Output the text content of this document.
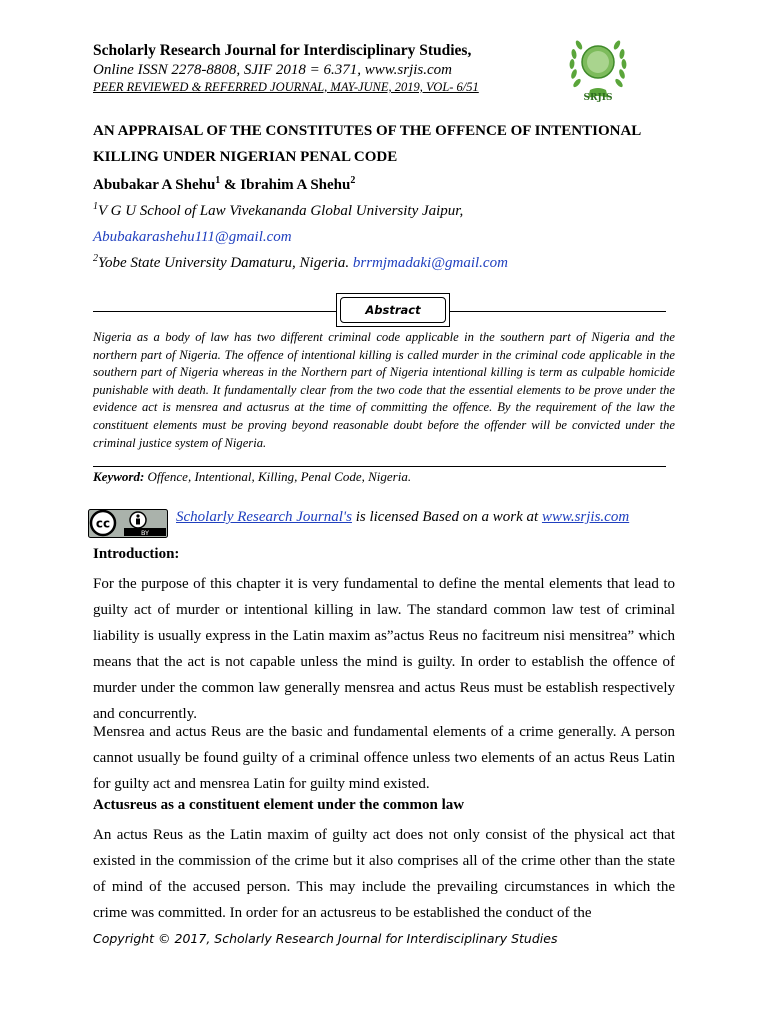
Scholarly Research Journal for Interdisciplinary Studies,
Online ISSN 2278-8808, SJIF 2018 = 6.371, www.srjis.com
PEER REVIEWED & REFERRED JOURNAL, MAY-JUNE, 2019, VOL- 6/51
SRJIS
AN APPRAISAL OF THE CONSTITUTES OF THE OFFENCE OF INTENTIONAL KILLING UNDER NIGERIAN PENAL CODE
Abubakar A Shehu$^1$ & Ibrahim A Shehu$^2$
$^1$V G U School of Law Vivekananda Global University Jaipur,
Abubakarashehu111@gmail.com
$^2$Yobe State University Damaturu, Nigeria. brrmjmadaki@gmail.com
Abstract
Nigeria as a body of law has two different criminal code applicable in the southern part of Nigeria and the northern part of Nigeria. The offence of intentional killing is called murder in the criminal code applicable in the southern part of Nigeria whereas in the Northern part of Nigeria intentional killing is term as culpable homicide punishable with death. It fundamentally clear from the two code that the essential elements to be prove under the evidence act is mensrea and actusrus at the time of committing the offence. By the requirement of the law the constituent elements must be proving beyond reasonable doubt before the offender will be convicted under the criminal justice system of Nigeria.
Keyword: Offence, Intentional, Killing, Penal Code, Nigeria.
cc
BY
Scholarly Research Journal's is licensed Based on a work at www.srjis.com
Introduction:
For the purpose of this chapter it is very fundamental to define the mental elements that lead to guilty act of murder or intentional killing in law. The standard common law test of criminal liability is usually express in the Latin maxim as”actus Reus no facitreum nisi mensitrea” which means that the act is not capable unless the mind is guilty. In order to establish the offence of murder under the common law generally mensrea and actus Reus must be establish respectively and concurrently.
Mensrea and actus Reus are the basic and fundamental elements of a crime generally. A person cannot usually be found guilty of a criminal offence unless two elements of an actus Reus Latin for guilty act and mensrea Latin for guilty mind existed.
Actusreus as a constituent element under the common law
An actus Reus as the Latin maxim of guilty act does not only consist of the physical act that existed in the commission of the crime but it also comprises all of the crime other than the state of mind of the accused person. This may include the prevailing circumstances in which the crime was committed. In order for an actusreus to be established the conduct of the
Copyright © 2017, Scholarly Research Journal for Interdisciplinary Studies
